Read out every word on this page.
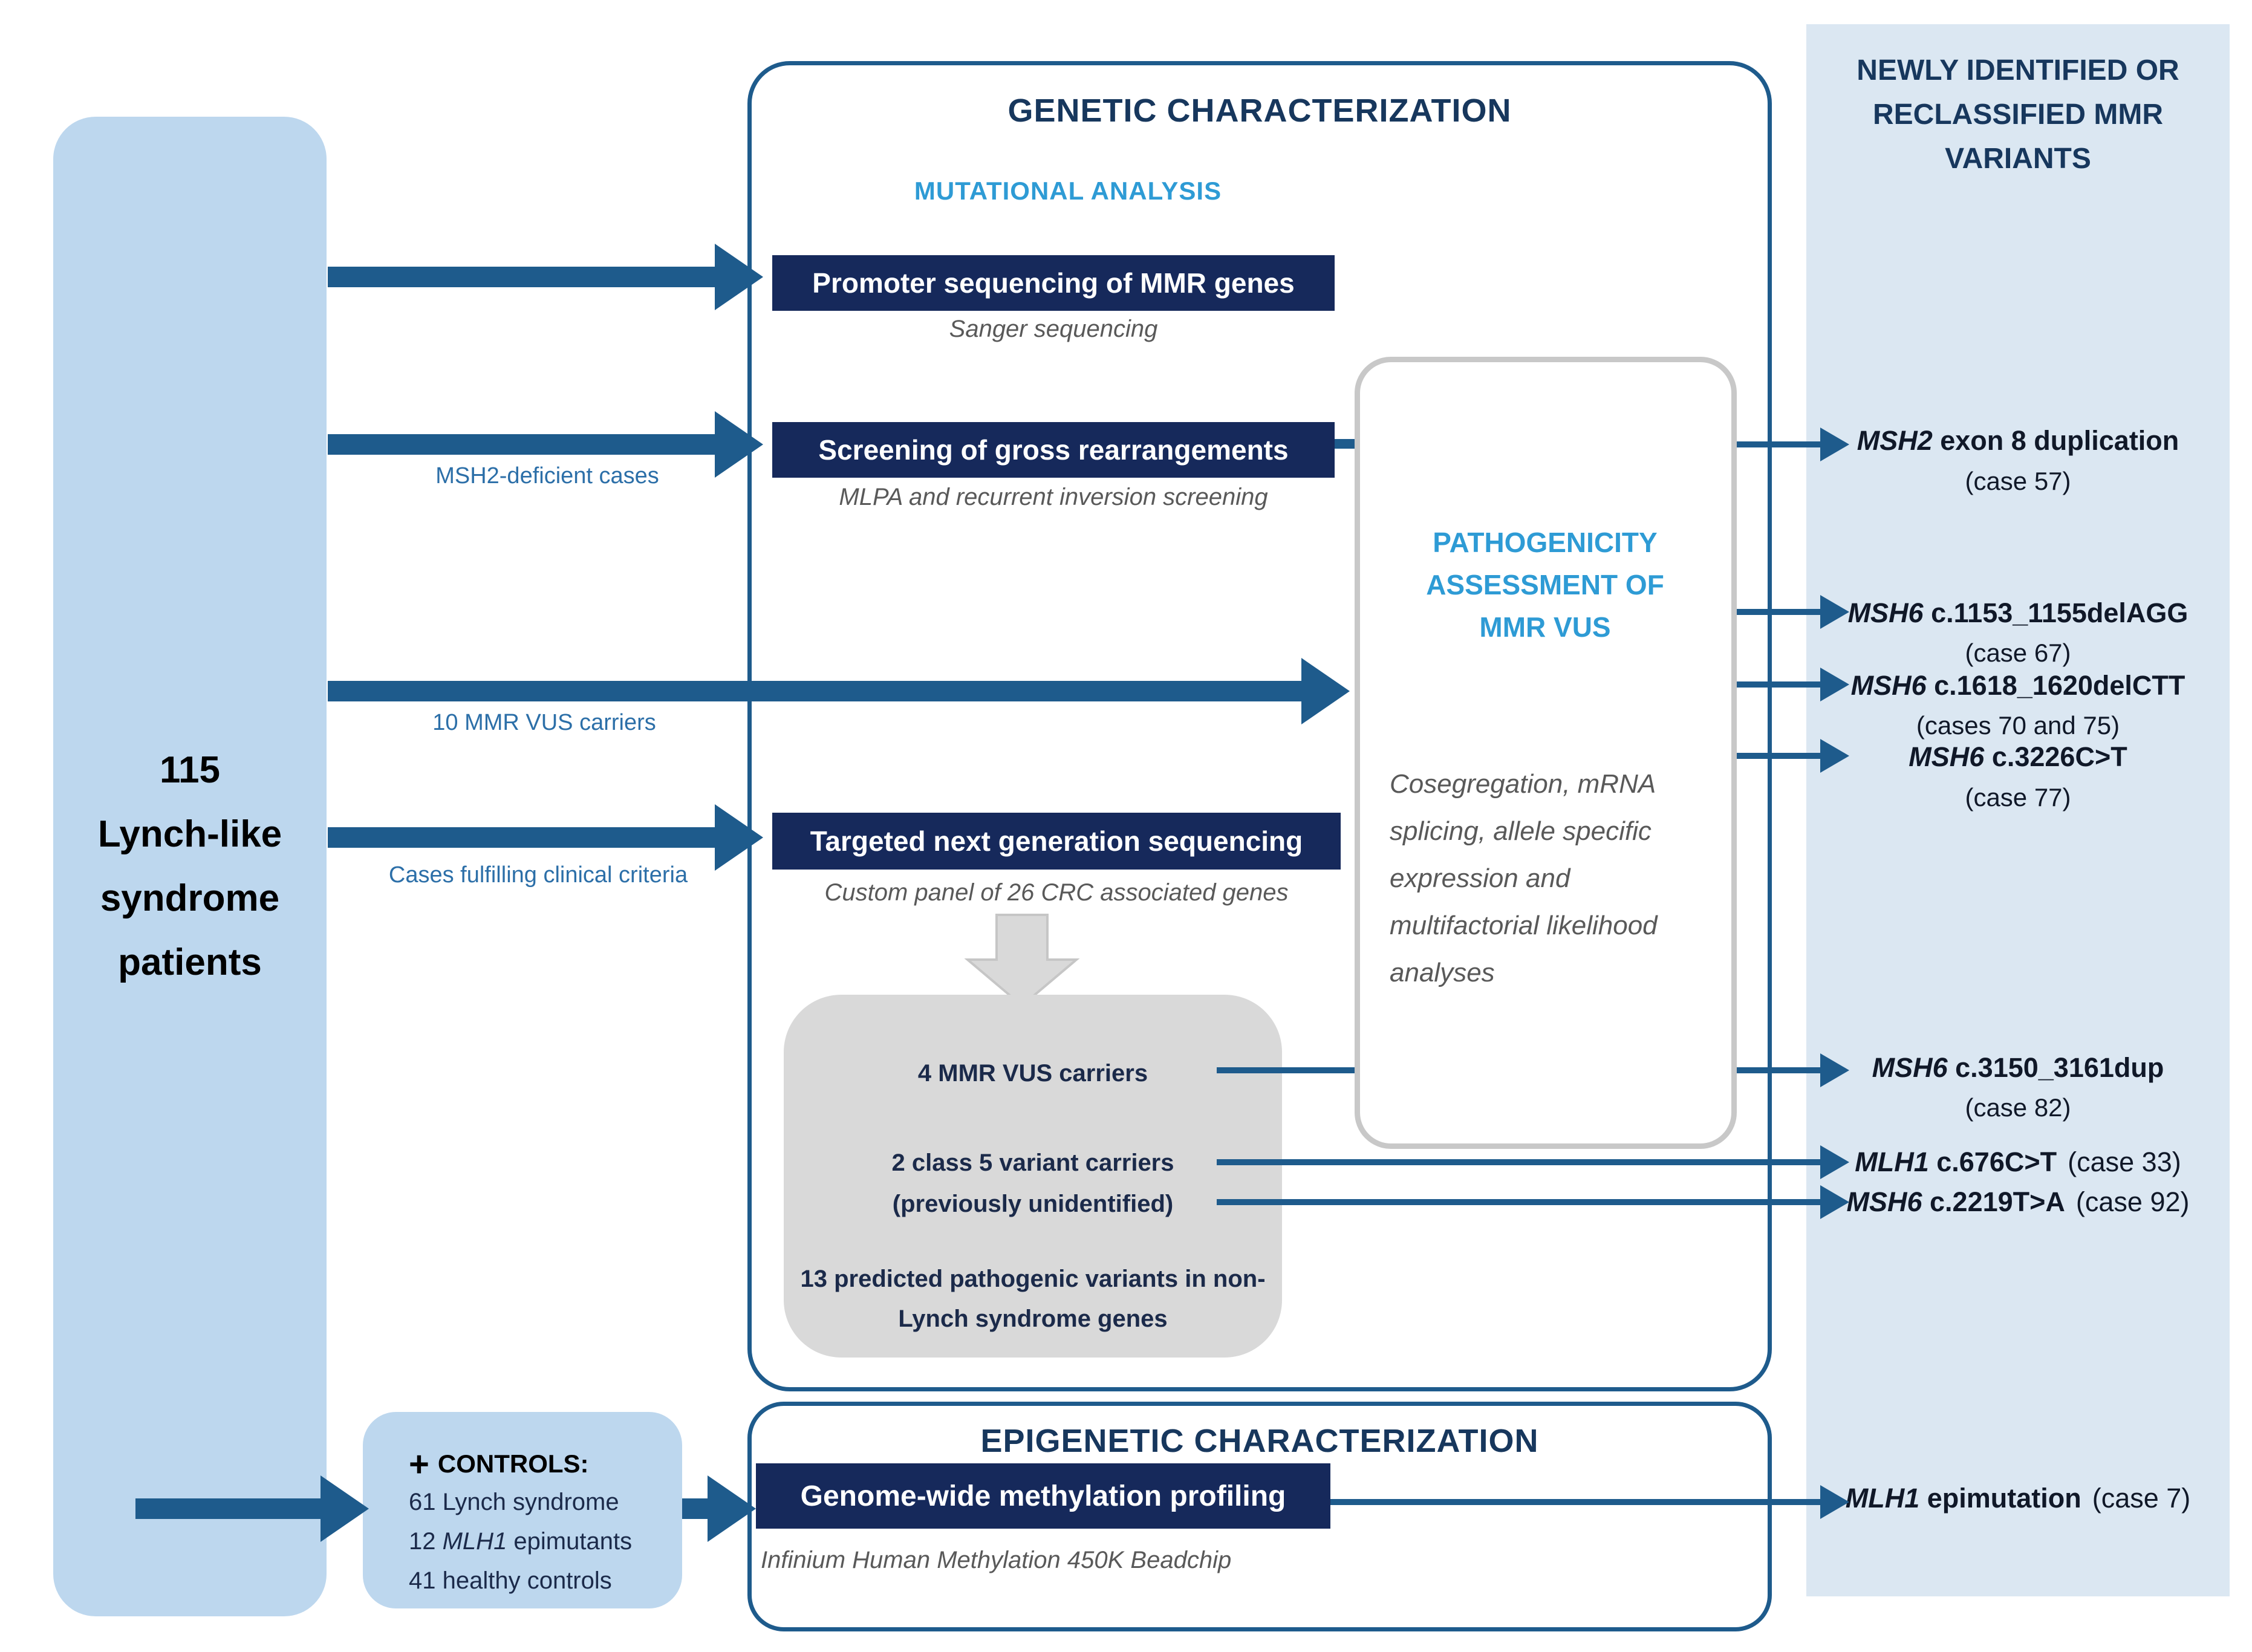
115
Lynch-like
syndrome
patients
GENETIC CHARACTERIZATION
MUTATIONAL ANALYSIS
Promoter sequencing of MMR genes
Sanger sequencing
Screening of gross rearrangements
MLPA and recurrent inversion screening
Targeted next generation sequencing
Custom panel of 26 CRC associated genes
MSH2-deficient cases
10 MMR VUS carriers
Cases fulfilling clinical criteria
PATHOGENICITY
ASSESSMENT OF
MMR VUS
Cosegregation, mRNA splicing, allele specific expression and multifactorial likelihood analyses
4 MMR VUS carriers
2 class 5 variant carriers
(previously unidentified)
13 predicted pathogenic variants in non-Lynch syndrome genes
NEWLY IDENTIFIED OR
RECLASSIFIED MMR
VARIANTS
MSH2 exon 8 duplication
(case 57)
MSH6 c.1153_1155delAGG
(case 67)
MSH6 c.1618_1620delCTT
(cases 70 and 75)
MSH6 c.3226C>T
(case 77)
MSH6 c.3150_3161dup
(case 82)
MLH1 c.676C>T (case 33)
MSH6 c.2219T>A (case 92)
MLH1 epimutation (case 7)
+ CONTROLS:
61 Lynch syndrome
12 MLH1 epimutants
41 healthy controls
EPIGENETIC CHARACTERIZATION
Genome-wide methylation profiling
Infinium Human Methylation 450K Beadchip
